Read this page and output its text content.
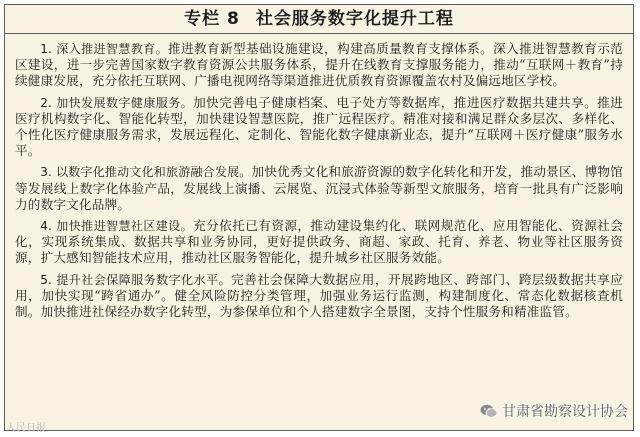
专栏 8 社会服务数字化提升工程

1. 深入推进智慧教育。推进教育新型基础设施建设，构建高质量教育支撑体系。深入推进智慧教育示范区建设，进一步完善国家数字教育资源公共服务体系，提升在线教育支撑服务能力，推动“互联网＋教育”持续健康发展，充分依托互联网、广播电视网络等渠道推进优质教育资源覆盖农村及偏远地区学校。

2. 加快发展数字健康服务。加快完善电子健康档案、电子处方等数据库，推进医疗数据共建共享。推进医疗机构数字化、智能化转型，加快建设智慧医院，推广远程医疗。精准对接和满足群众多层次、多样化、个性化医疗健康服务需求，发展远程化、定制化、智能化数字健康新业态，提升“互联网＋医疗健康”服务水平。

3. 以数字化推动文化和旅游融合发展。加快优秀文化和旅游资源的数字化转化和开发，推动景区、博物馆等发展线上数字化体验产品，发展线上演播、云展览、沉浸式体验等新型文旅服务，培育一批具有广泛影响力的数字文化品牌。

4. 加快推进智慧社区建设。充分依托已有资源，推动建设集约化、联网规范化、应用智能化、资源社会化，实现系统集成、数据共享和业务协同，更好提供政务、商超、家政、托育、养老、物业等社区服务资源，扩大感知智能技术应用，推动社区服务智能化，提升城乡社区服务效能。

5. 提升社会保障服务数字化水平。完善社会保障大数据应用，开展跨地区、跨部门、跨层级数据共享应用，加快实现“跨省通办”。健全风险防控分类管理，加强业务运行监测，构建制度化、常态化数据核查机制。加快推进社保经办数字化转型，为参保单位和个人搭建数字全景图，支持个性服务和精准监管。

人民日报
甘肃省勘察设计协会
